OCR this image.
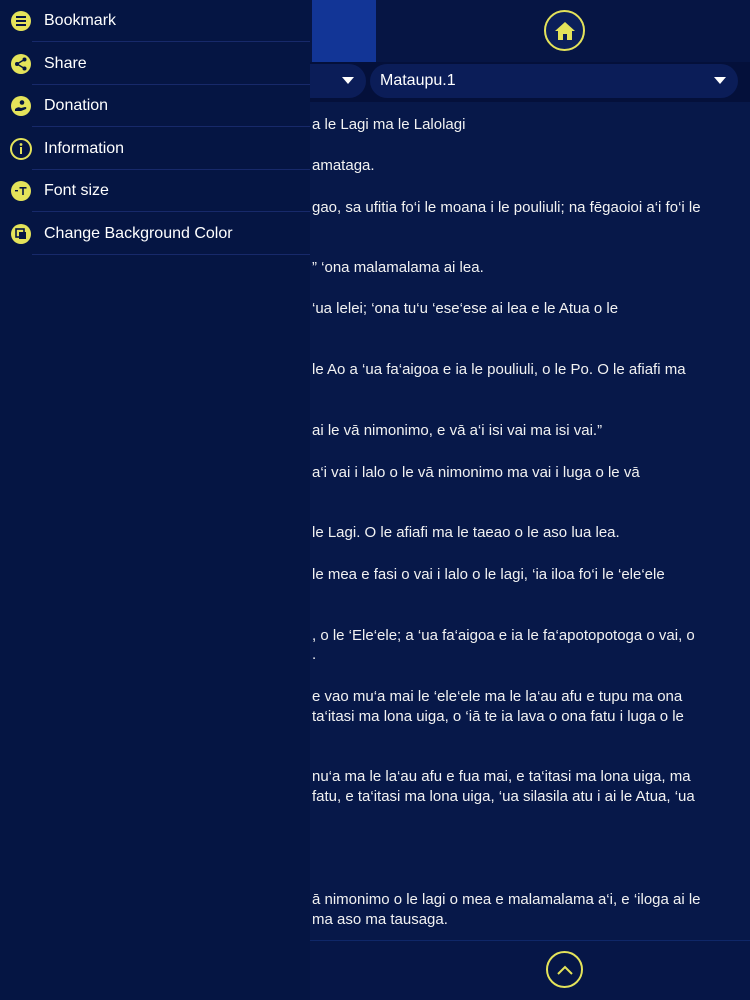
Mataupu.1
a le Lagi ma le Lalolagi
amataga.
gao, sa ufitia fo‘i le moana i le pouliuli; na fēgaoioi a‘i fo‘i le
” ‘ona malamalama ai lea.
‘ua lelei; ‘ona tu‘u ‘ese‘ese ai lea e le Atua o le
le Ao a ‘ua fa‘aigoa e ia le pouliuli, o le Po. O le afiafi ma
ai le vā nimonimo, e vā a‘i isi vai ma isi vai.”
a‘i vai i lalo o le vā nimonimo ma vai i luga o le vā
le Lagi. O le afiafi ma le taeao o le aso lua lea.
le mea e fasi o vai i lalo o le lagi, ‘ia iloa fo‘i le ‘ele‘ele
, o le ‘Ele‘ele; a ‘ua fa‘aigoa e ia le fa‘apotopotoga o vai, o
.
e vao mu‘a mai le ‘ele‘ele ma le la‘au afu e tupu ma ona
ta‘itasi ma lona uiga, o ‘iā te ia lava o ona fatu i luga o le
nu‘a ma le la‘au afu e fua mai, e ta‘itasi ma lona uiga, ma
fatu, e ta‘itasi ma lona uiga, ‘ua silasila atu i ai le Atua, ‘ua
ā nimonimo o le lagi o mea e malamalama a‘i, e ‘iloga ai le
ma aso ma tausaga.
Bookmark
Share
Donation
Information
Font size
Change Background Color
